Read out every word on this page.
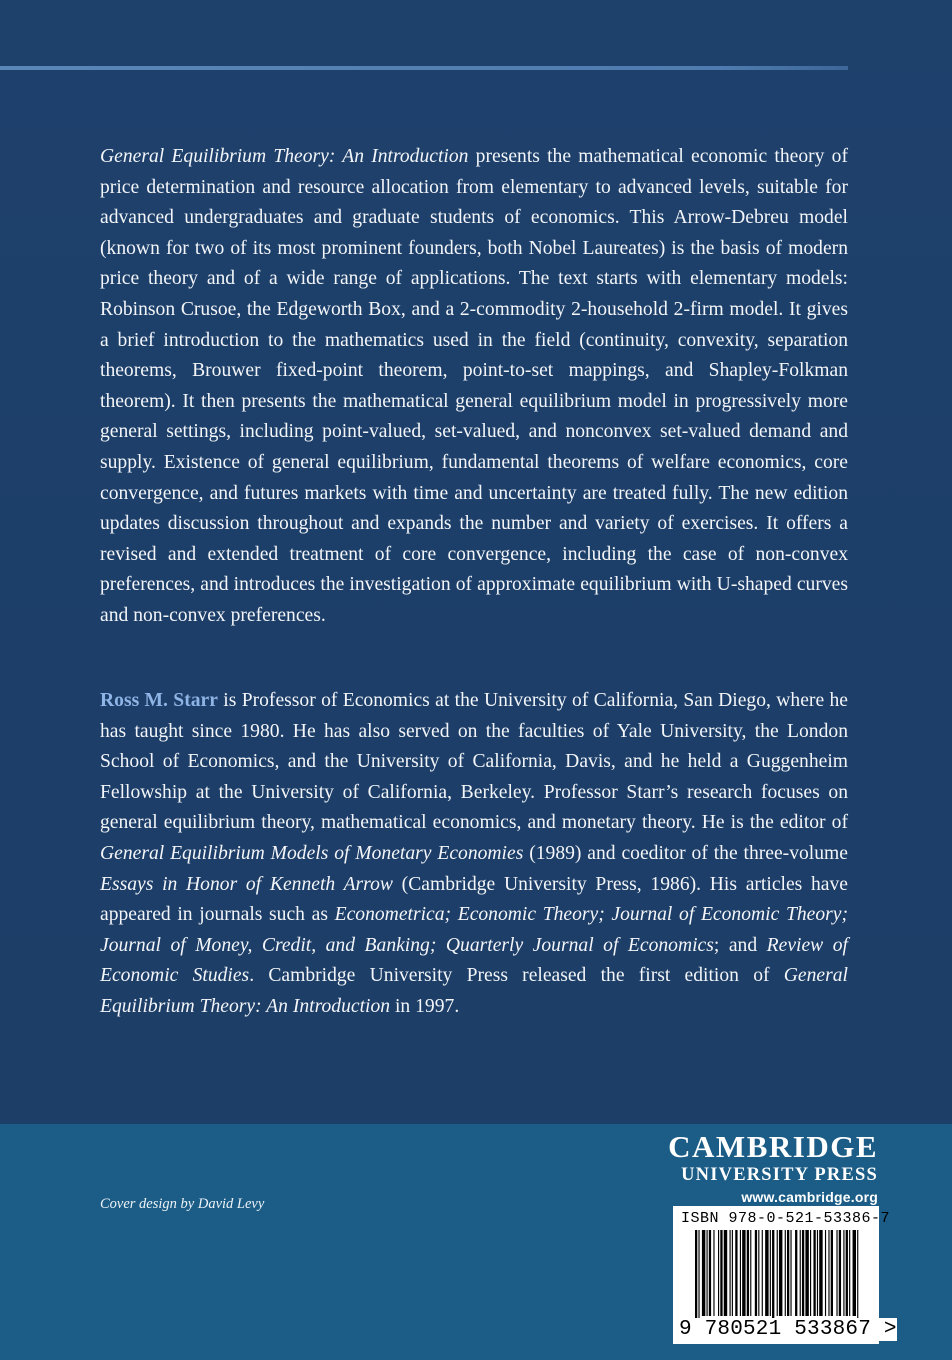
General Equilibrium Theory: An Introduction presents the mathematical economic theory of price determination and resource allocation from elementary to advanced levels, suitable for advanced undergraduates and graduate students of economics. This Arrow-Debreu model (known for two of its most prominent founders, both Nobel Laureates) is the basis of modern price theory and of a wide range of applications. The text starts with elementary models: Robinson Crusoe, the Edgeworth Box, and a 2-commodity 2-household 2-firm model. It gives a brief introduction to the mathematics used in the field (continuity, convexity, separation theorems, Brouwer fixed-point theorem, point-to-set mappings, and Shapley-Folkman theorem). It then presents the mathematical general equilibrium model in progressively more general settings, including point-valued, set-valued, and nonconvex set-valued demand and supply. Existence of general equilibrium, fundamental theorems of welfare economics, core convergence, and futures markets with time and uncertainty are treated fully. The new edition updates discussion throughout and expands the number and variety of exercises. It offers a revised and extended treatment of core convergence, including the case of non-convex preferences, and introduces the investigation of approximate equilibrium with U-shaped curves and non-convex preferences.
Ross M. Starr is Professor of Economics at the University of California, San Diego, where he has taught since 1980. He has also served on the faculties of Yale University, the London School of Economics, and the University of California, Davis, and he held a Guggenheim Fellowship at the University of California, Berkeley. Professor Starr’s research focuses on general equilibrium theory, mathematical economics, and monetary theory. He is the editor of General Equilibrium Models of Monetary Economies (1989) and coeditor of the three-volume Essays in Honor of Kenneth Arrow (Cambridge University Press, 1986). His articles have appeared in journals such as Econometrica; Economic Theory; Journal of Economic Theory; Journal of Money, Credit, and Banking; Quarterly Journal of Economics; and Review of Economic Studies. Cambridge University Press released the first edition of General Equilibrium Theory: An Introduction in 1997.
Cover design by David Levy
CAMBRIDGE
UNIVERSITY PRESS
www.cambridge.org
ISBN 978-0-521-53386-7
9 780521 533867 >
